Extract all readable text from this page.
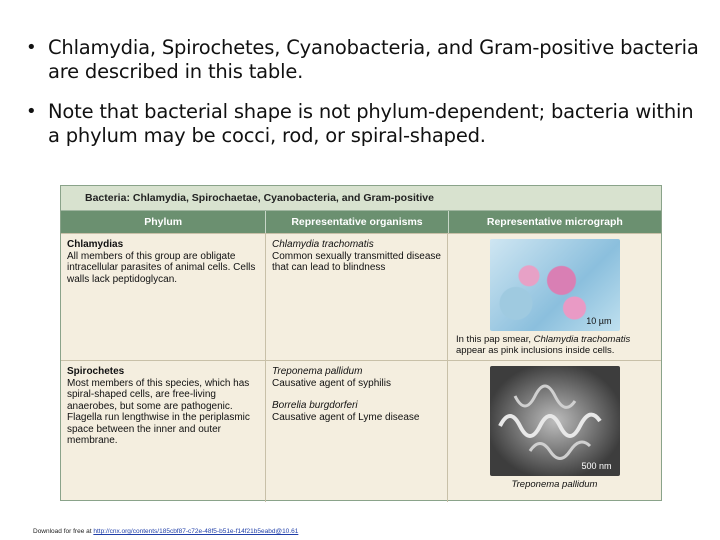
• Chlamydia, Spirochetes, Cyanobacteria, and Gram-positive bacteria are described in this table.
• Note that bacterial shape is not phylum-dependent; bacteria within a phylum may be cocci, rod, or spiral-shaped.
Bacteria: Chlamydia, Spirochaetae, Cyanobacteria, and Gram-positive
Phylum	Representative organisms	Representative micrograph
Chlamydias
All members of this group are obligate intracellular parasites of animal cells. Cells walls lack peptidoglycan.
Chlamydia trachomatis
Common sexually transmitted disease that can lead to blindness
10 µm
In this pap smear, Chlamydia trachomatis appear as pink inclusions inside cells.
Spirochetes
Most members of this species, which has spiral-shaped cells, are free-living anaerobes, but some are pathogenic. Flagella run lengthwise in the periplasmic space between the inner and outer membrane.
Treponema pallidum
Causative agent of syphilis
Borrelia burgdorferi
Causative agent of Lyme disease
500 nm
Treponema pallidum
Download for free at http://cnx.org/contents/185cbf87-c72e-48f5-b51e-f14f21b5eabd@10.61
